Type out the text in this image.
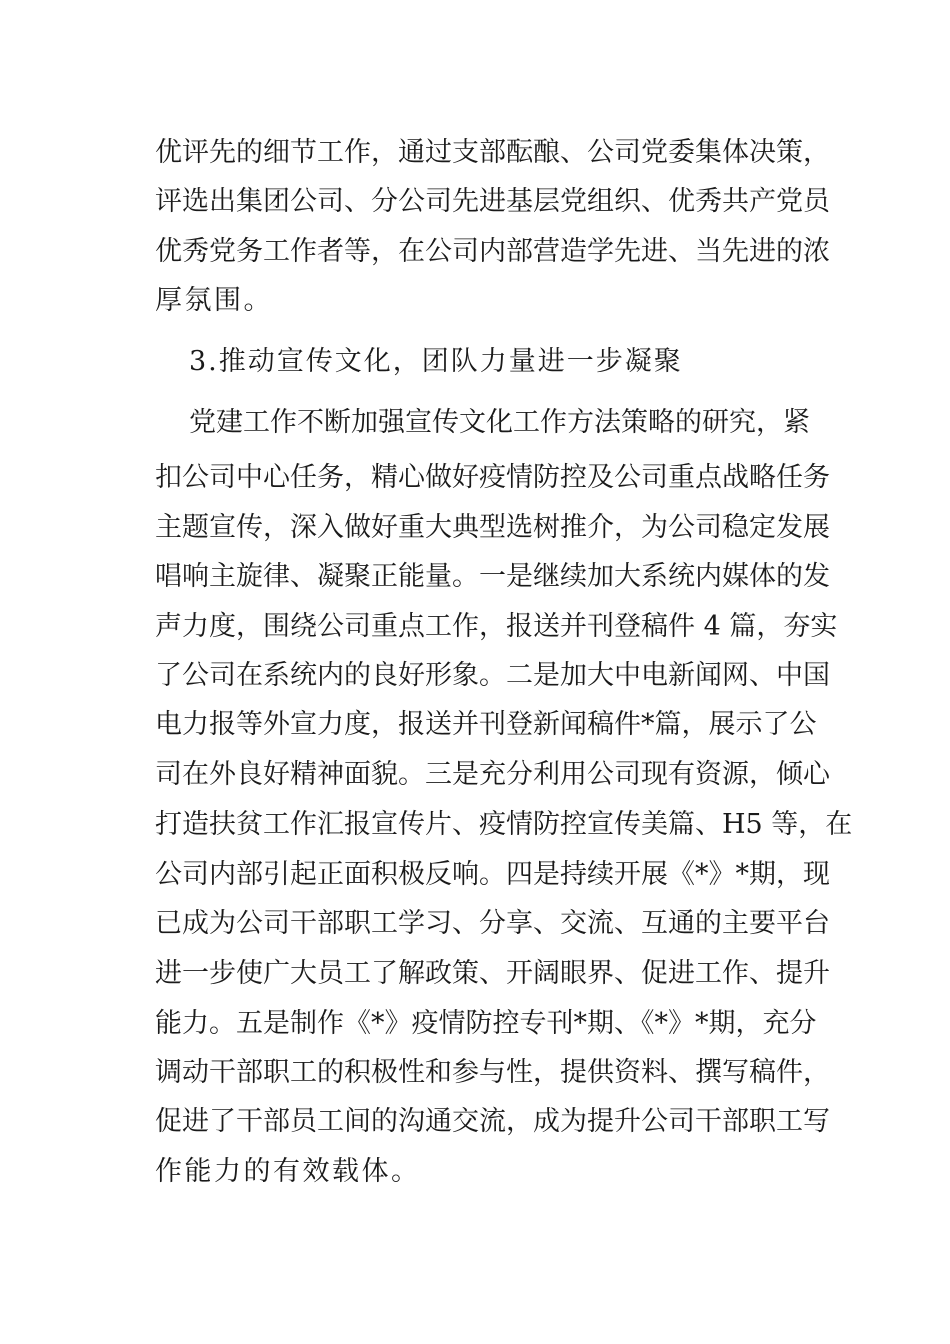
优评先的细节工作，通过支部酝酿、公司党委集体决策，
评选出集团公司、分公司先进基层党组织、优秀共产党员
优秀党务工作者等，在公司内部营造学先进、当先进的浓
厚氛围。
3.推动宣传文化，团队力量进一步凝聚
党建工作不断加强宣传文化工作方法策略的研究，紧
扣公司中心任务，精心做好疫情防控及公司重点战略任务
主题宣传，深入做好重大典型选树推介，为公司稳定发展
唱响主旋律、凝聚正能量。一是继续加大系统内媒体的发
声力度，围绕公司重点工作，报送并刊登稿件 4 篇，夯实
了公司在系统内的良好形象。二是加大中电新闻网、中国
电力报等外宣力度，报送并刊登新闻稿件*篇，展示了公
司在外良好精神面貌。三是充分利用公司现有资源，倾心
打造扶贫工作汇报宣传片、疫情防控宣传美篇、H5 等，在
公司内部引起正面积极反响。四是持续开展《*》*期，现
已成为公司干部职工学习、分享、交流、互通的主要平台
进一步使广大员工了解政策、开阔眼界、促进工作、提升
能力。五是制作《*》疫情防控专刊*期、《*》*期，充分
调动干部职工的积极性和参与性，提供资料、撰写稿件，
促进了干部员工间的沟通交流，成为提升公司干部职工写
作能力的有效载体。
